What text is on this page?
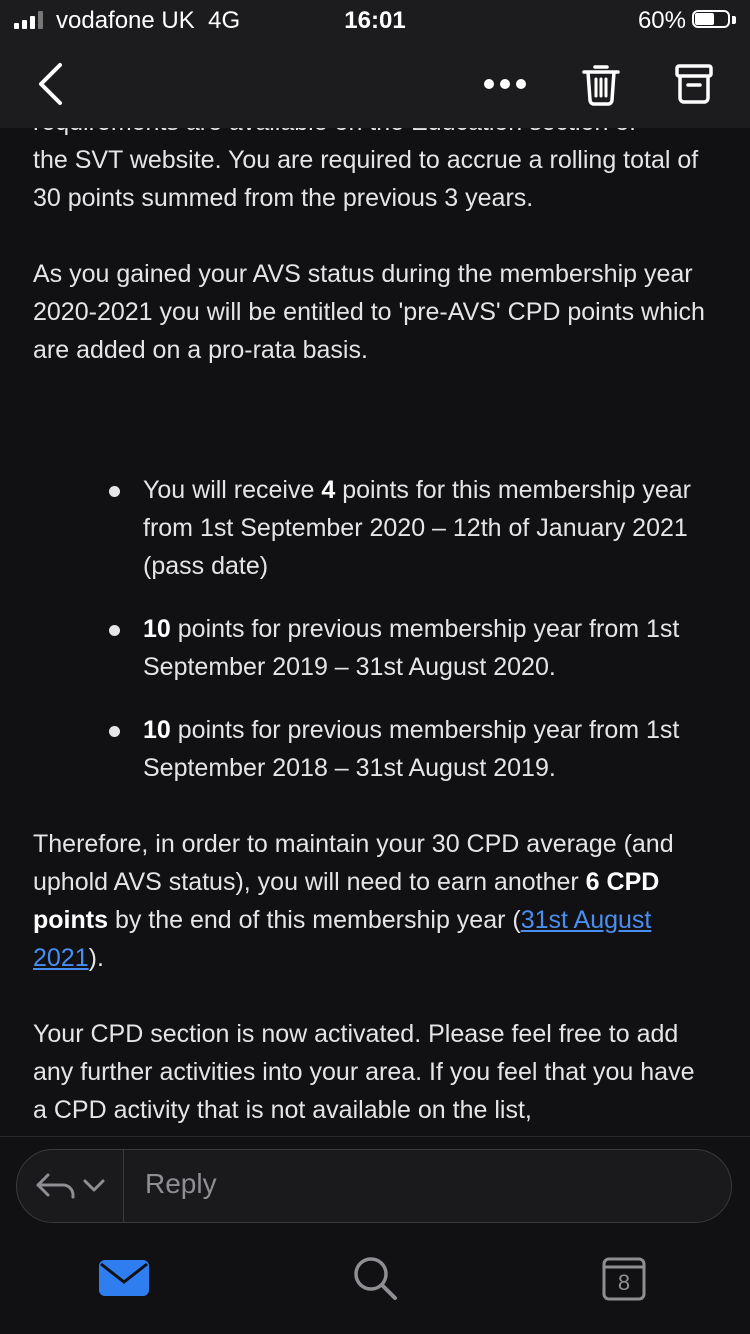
vodafone UK 4G	16:01	60%

the SVT website. You are required to accrue a rolling total of 30 points summed from the previous 3 years.

As you gained your AVS status during the membership year 2020-2021 you will be entitled to 'pre-AVS' CPD points which are added on a pro-rata basis.

You will receive 4 points for this membership year from 1st September 2020 – 12th of January 2021 (pass date)
10 points for previous membership year from 1st September 2019 – 31st August 2020.
10 points for previous membership year from 1st September 2018 – 31st August 2019.

Therefore, in order to maintain your 30 CPD average (and uphold AVS status), you will need to earn another 6 CPD points by the end of this membership year (31st August 2021).

Your CPD section is now activated. Please feel free to add any further activities into your area. If you feel that you have a CPD activity that is not available on the list,

Reply
8
